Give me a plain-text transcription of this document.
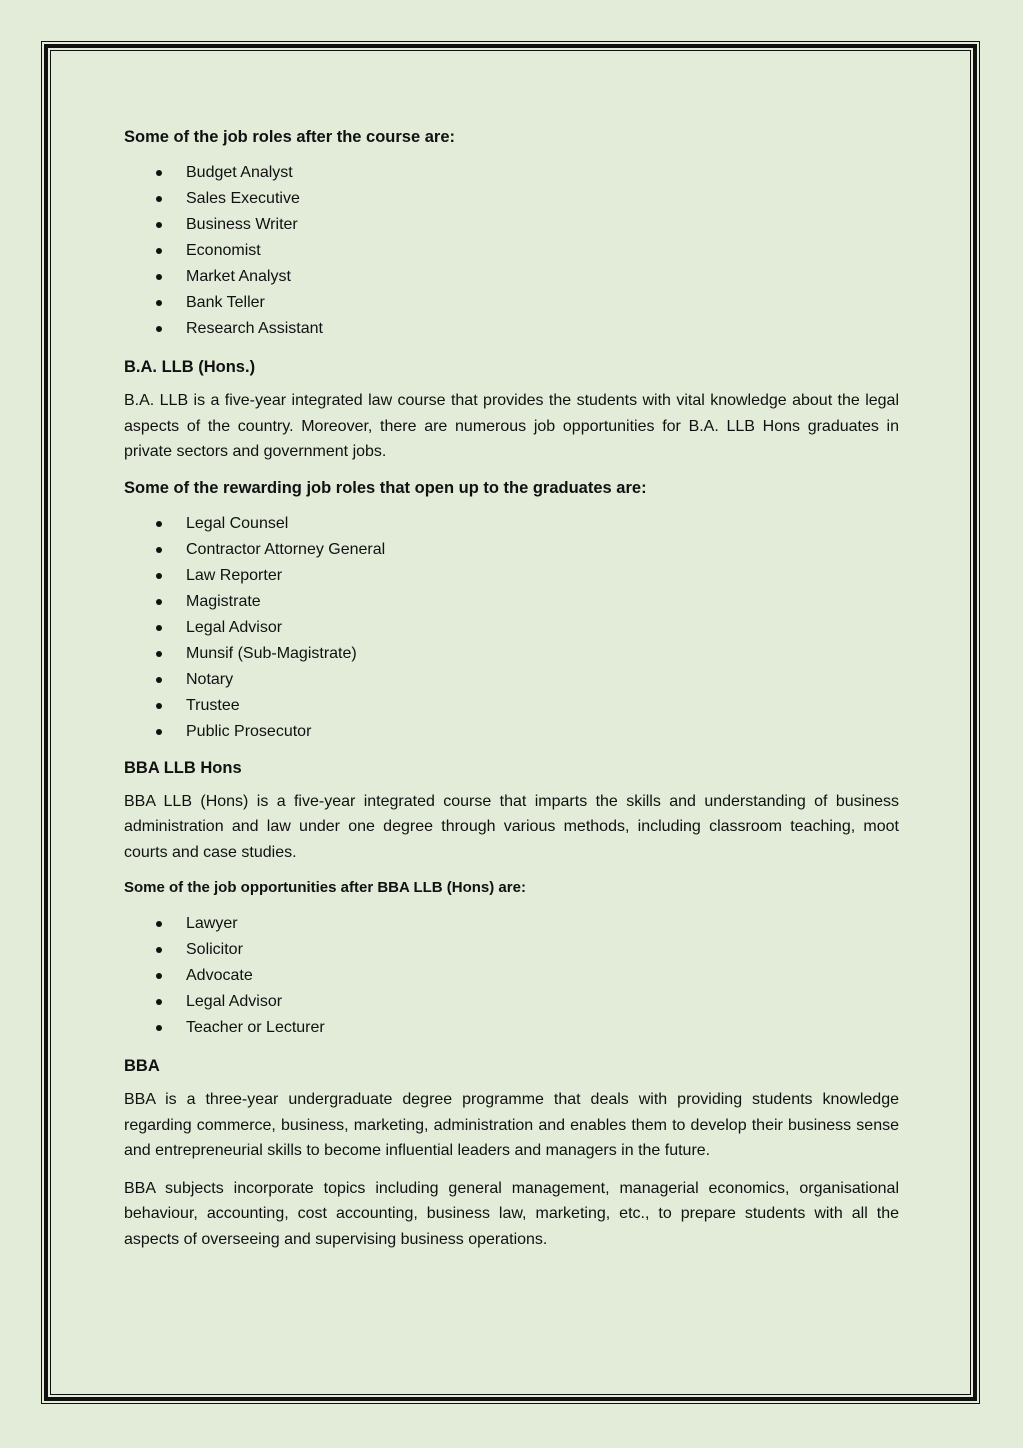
Some of the job roles after the course are:
Budget Analyst
Sales Executive
Business Writer
Economist
Market Analyst
Bank Teller
Research Assistant
B.A. LLB (Hons.)

B.A. LLB is a five-year integrated law course that provides the students with vital knowledge about the legal aspects of the country. Moreover, there are numerous job opportunities for B.A. LLB Hons graduates in private sectors and government jobs.

Some of the rewarding job roles that open up to the graduates are:
Legal Counsel
Contractor Attorney General
Law Reporter
Magistrate
Legal Advisor
Munsif (Sub-Magistrate)
Notary
Trustee
Public Prosecutor
BBA LLB Hons

BBA LLB (Hons) is a five-year integrated course that imparts the skills and understanding of business administration and law under one degree through various methods, including classroom teaching, moot courts and case studies.

Some of the job opportunities after BBA LLB (Hons) are:
Lawyer
Solicitor
Advocate
Legal Advisor
Teacher or Lecturer
BBA

BBA is a three-year undergraduate degree programme that deals with providing students knowledge regarding commerce, business, marketing, administration and enables them to develop their business sense and entrepreneurial skills to become influential leaders and managers in the future.

BBA subjects incorporate topics including general management, managerial economics, organisational behaviour, accounting, cost accounting, business law, marketing, etc., to prepare students with all the aspects of overseeing and supervising business operations.
